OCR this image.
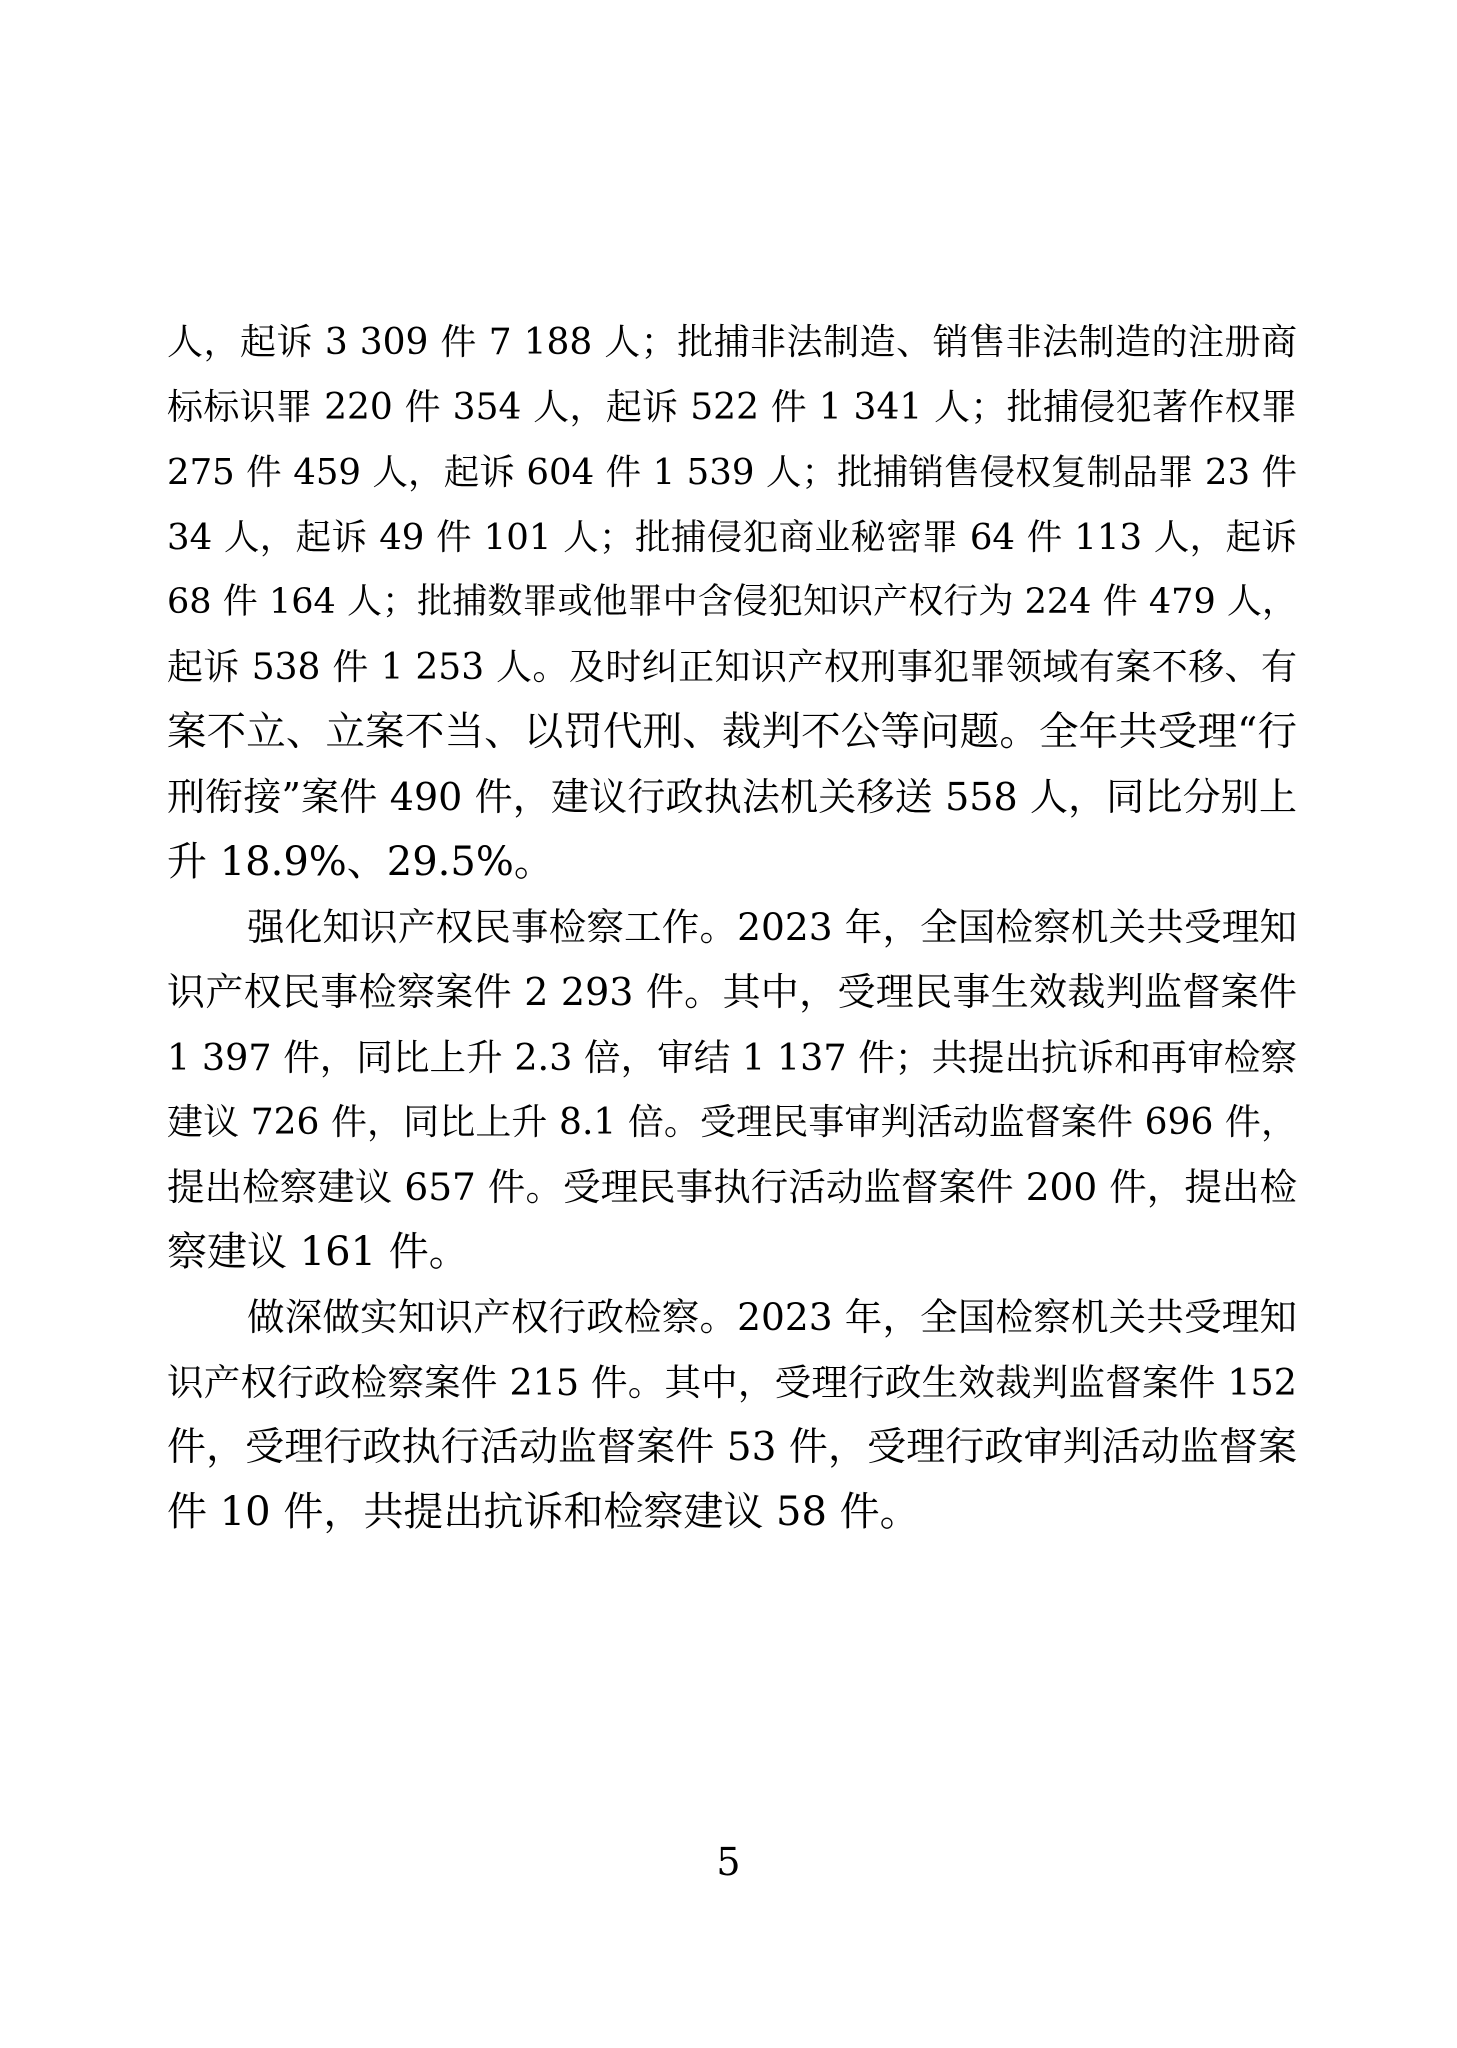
人，起诉 3 309 件 7 188 人；批捕非法制造、销售非法制造的注册商
标标识罪 220 件 354 人，起诉 522 件 1 341 人；批捕侵犯著作权罪
275 件 459 人，起诉 604 件 1 539 人；批捕销售侵权复制品罪 23 件
34 人，起诉 49 件 101 人；批捕侵犯商业秘密罪 64 件 113 人，起诉
68 件 164 人；批捕数罪或他罪中含侵犯知识产权行为 224 件 479 人，
起诉 538 件 1 253 人。及时纠正知识产权刑事犯罪领域有案不移、有
案不立、立案不当、以罚代刑、裁判不公等问题。全年共受理“行
刑衔接”案件 490 件，建议行政执法机关移送 558 人，同比分别上
升 18.9%、29.5%。
强化知识产权民事检察工作。2023 年，全国检察机关共受理知
识产权民事检察案件 2 293 件。其中，受理民事生效裁判监督案件
1 397 件，同比上升 2.3 倍，审结 1 137 件；共提出抗诉和再审检察
建议 726 件，同比上升 8.1 倍。受理民事审判活动监督案件 696 件，
提出检察建议 657 件。受理民事执行活动监督案件 200 件，提出检
察建议 161 件。
做深做实知识产权行政检察。2023 年，全国检察机关共受理知
识产权行政检察案件 215 件。其中，受理行政生效裁判监督案件 152
件，受理行政执行活动监督案件 53 件，受理行政审判活动监督案
件 10 件，共提出抗诉和检察建议 58 件。
5
